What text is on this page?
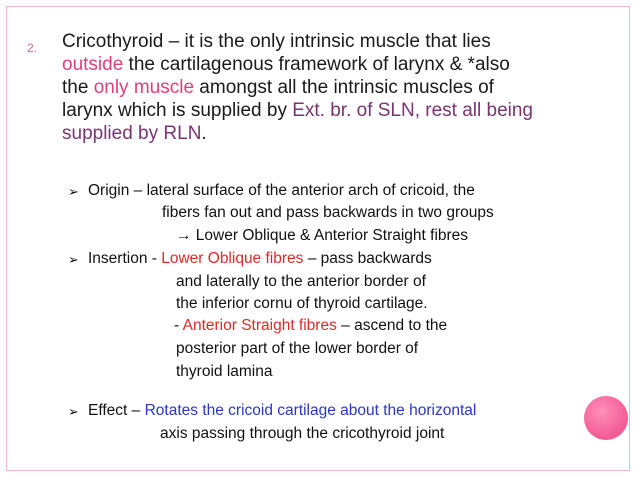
2. Cricothyroid – it is the only intrinsic muscle that lies
outside the cartilagenous framework of larynx & *also
the only muscle amongst all the intrinsic muscles of
larynx which is supplied by Ext. br. of SLN, rest all being
supplied by RLN.
➢ Origin – lateral surface of the anterior arch of cricoid, the
fibers fan out and pass backwards in two groups
→ Lower Oblique & Anterior Straight fibres
➢ Insertion - Lower Oblique fibres – pass backwards
and laterally to the anterior border of
the inferior cornu of thyroid cartilage.
- Anterior Straight fibres – ascend to the
posterior part of the lower border of
thyroid lamina
➢ Effect – Rotates the cricoid cartilage about the horizontal
axis passing through the cricothyroid joint
